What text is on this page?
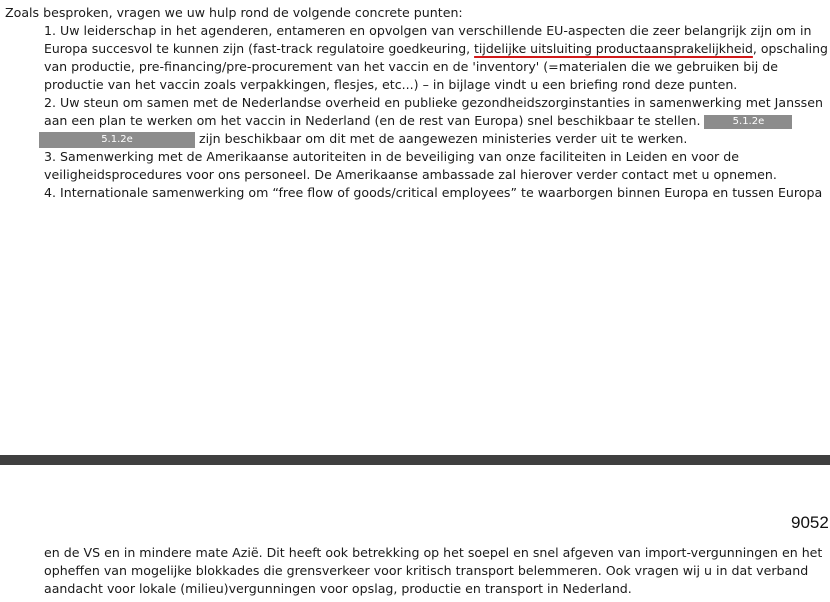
Zoals besproken, vragen we uw hulp rond de volgende concrete punten:
1. Uw leiderschap in het agenderen, entameren en opvolgen van verschillende EU-aspecten die zeer belangrijk zijn om in
Europa succesvol te kunnen zijn (fast-track regulatoire goedkeuring, tijdelijke uitsluiting productaansprakelijkheid, opschaling
van productie, pre-financing/pre-procurement van het vaccin en de 'inventory' (=materialen die we gebruiken bij de
productie van het vaccin zoals verpakkingen, flesjes, etc...) – in bijlage vindt u een briefing rond deze punten.
2. Uw steun om samen met de Nederlandse overheid en publieke gezondheidszorginstanties in samenwerking met Janssen
aan een plan te werken om het vaccin in Nederland (en de rest van Europa) snel beschikbaar te stellen.	5.1.2e
5.1.2e	zijn beschikbaar om dit met de aangewezen ministeries verder uit te werken.
3. Samenwerking met de Amerikaanse autoriteiten in de beveiliging van onze faciliteiten in Leiden en voor de
veiligheidsprocedures voor ons personeel. De Amerikaanse ambassade zal hierover verder contact met u opnemen.
4. Internationale samenwerking om “free flow of goods/critical employees” te waarborgen binnen Europa en tussen Europa
en de VS en in mindere mate Azië. Dit heeft ook betrekking op het soepel en snel afgeven van import-vergunningen en het
opheffen van mogelijke blokkades die grensverkeer voor kritisch transport belemmeren. Ook vragen wij u in dat verband
aandacht voor lokale (milieu)vergunningen voor opslag, productie en transport in Nederland.
9052
